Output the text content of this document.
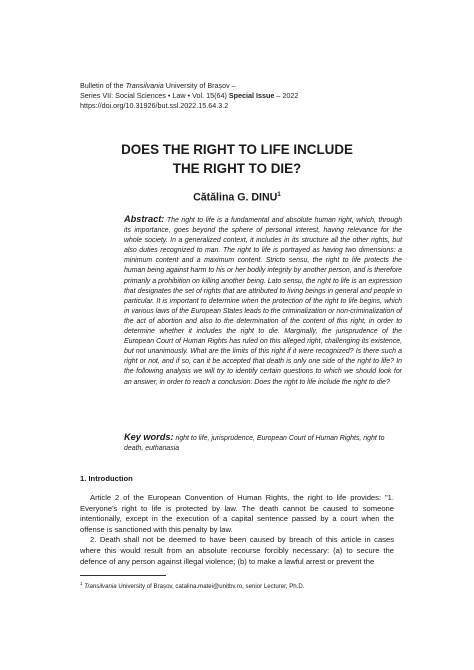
Bulletin of the Transilvania University of Brașov –
Series VII: Social Sciences • Law • Vol. 15(64) Special Issue – 2022
https://doi.org/10.31926/but.ssl.2022.15.64.3.2
DOES THE RIGHT TO LIFE INCLUDE
THE RIGHT TO DIE?
Cătălina G. DINU$^1$
Abstract: The right to life is a fundamental and absolute human right, which, through its importance, goes beyond the sphere of personal interest, having relevance for the whole society. In a generalized context, it includes in its structure all the other rights, but also duties recognized to man. The right to life is portrayed as having two dimensions: a minimum content and a maximum content. Stricto sensu, the right to life protects the human being against harm to his or her bodily integrity by another person, and is therefore primarily a prohibition on killing another being. Lato sensu, the right to life is an expression that designates the set of rights that are attributed to living beings in general and people in particular. It is important to determine when the protection of the right to life begins, which in various laws of the European States leads to the criminalization or non-criminalization of the act of abortion and also to the determination of the content of this right, in order to determine whether it includes the right to die. Marginally, the jurisprudence of the European Court of Human Rights has ruled on this alleged right, challenging its existence, but not unanimously. What are the limits of this right if it were recognized? Is there such a right or not, and if so, can it be accepted that death is only one side of the right to life? In the following analysis we will try to identify certain questions to which we should look for an answer, in order to reach a conclusion: Does the right to life include the right to die?
Key words: right to life, jurisprudence, European Court of Human Rights, right to death, euthanasia
1. Introduction

Article 2 of the European Convention of Human Rights, the right to life provides: "1. Everyone's right to life is protected by law. The death cannot be caused to someone intentionally, except in the execution of a capital sentence passed by a court when the offense is sanctioned with this penalty by law.

2. Death shall not be deemed to have been caused by breach of this article in cases where this would result from an absolute recourse forcibly necessary: (a) to secure the defence of any person against illegal violence; (b) to make a lawful arrest or prevent the

$^1$ Transilvania University of Brașov, catalina.matei@unitbv.ro, senior Lecturer, Ph.D.
